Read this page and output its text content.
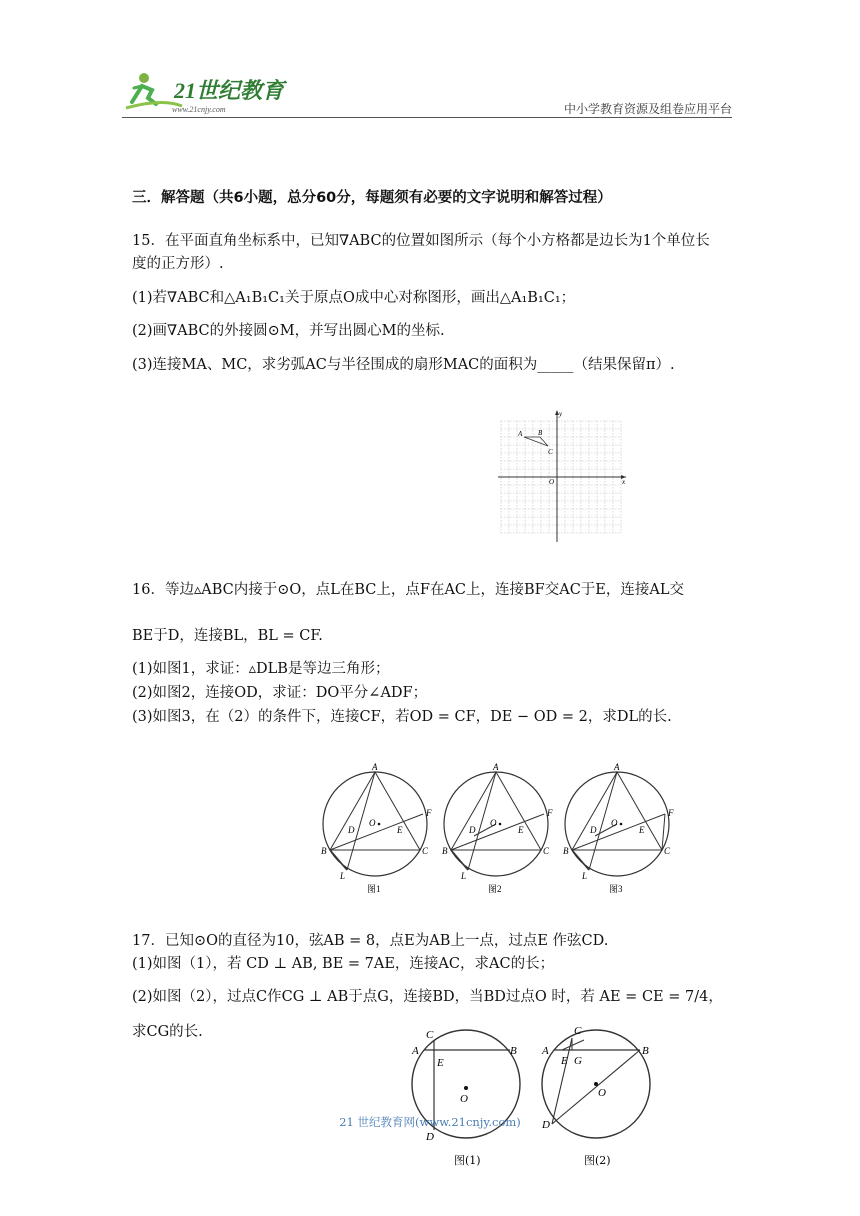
21世纪教育
www.21cnjy.com	中小学教育资源及组卷应用平台
三．解答题（共6小题，总分60分，每题须有必要的文字说明和解答过程）
15．在平面直角坐标系中，已知∇ABC的位置如图所示（每个小方格都是边长为1个单位长
度的正方形）.
(1)若∇ABC和△A₁B₁C₁关于原点O成中心对称图形，画出△A₁B₁C₁；
(2)画∇ABC的外接圆⊙M，并写出圆心M的坐标.
(3)连接MA、MC，求劣弧AC与半径围成的扇形MAC的面积为_____（结果保留π）.
y
x
O
A B
C
16．等边▵ABC内接于⊙O，点L在BC上，点F在AC上，连接BF交AC于E，连接AL交
BE于D，连接BL，BL = CF.
(1)如图1，求证：▵DLB是等边三角形；
(2)如图2，连接OD，求证：DO平分∠ADF；
(3)如图3，在（2）的条件下，连接CF，若OD = CF，DE − OD = 2，求DL的长.
A
B	C
F
L
D	E
O
图1
A
B	C
F
L
D	E
O
图2
A
B	C
F
L
D	E
O
图3
17．已知⊙O的直径为10，弦AB = 8，点E为AB上一点，过点E 作弦CD.
(1)如图（1），若 CD ⊥ AB, BE = 7AE，连接AC，求AC的长；
(2)如图（2），过点C作CG ⊥ AB于点G，连接BD，当BD过点O 时，若 AE = CE = 7/4，
求CG的长.	C
A	B
E
O
D
图(1)
C
A	B
E G
O
D
图(2)
21 世纪教育网(www.21cnjy.com)
